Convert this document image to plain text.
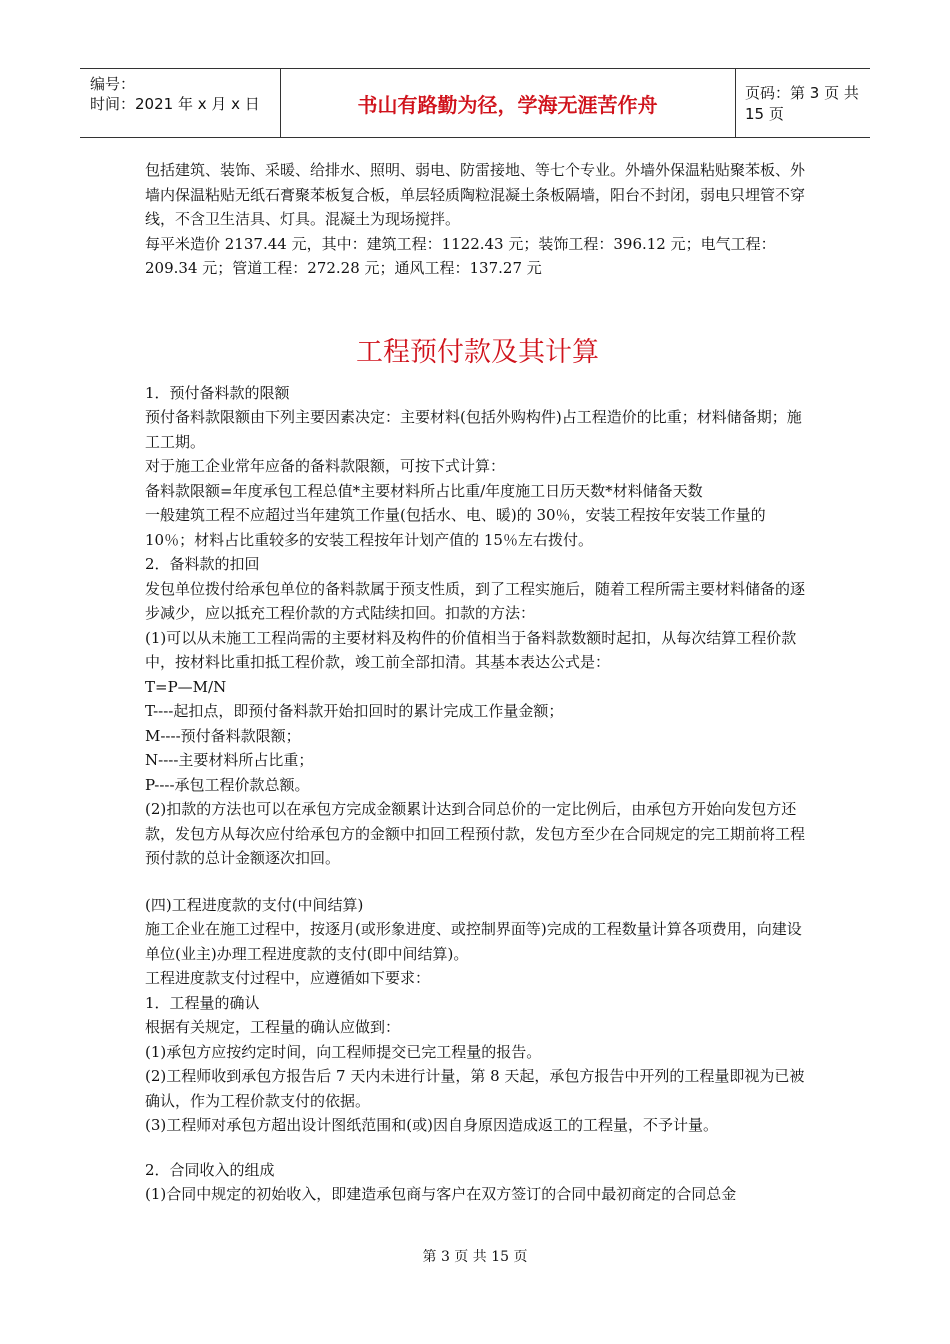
编号：
时间：2021 年 x 月 x 日	书山有路勤为径，学海无涯苦作舟	页码：第 3 页 共 15 页

包括建筑、装饰、采暖、给排水、照明、弱电、防雷接地、等七个专业。外墙外保温粘贴聚苯板、外墙内保温粘贴无纸石膏聚苯板复合板，单层轻质陶粒混凝土条板隔墙，阳台不封闭，弱电只埋管不穿线，不含卫生洁具、灯具。混凝土为现场搅拌。

每平米造价 2137.44 元，其中：建筑工程：1122.43 元；装饰工程：396.12 元；电气工程：209.34 元；管道工程：272.28 元；通风工程：137.27 元

工程预付款及其计算

1．预付备料款的限额

预付备料款限额由下列主要因素决定：主要材料(包括外购构件)占工程造价的比重；材料储备期；施工工期。

对于施工企业常年应备的备料款限额，可按下式计算：

备料款限额=年度承包工程总值*主要材料所占比重/年度施工日历天数*材料储备天数

一般建筑工程不应超过当年建筑工作量(包括水、电、暖)的 30％，安装工程按年安装工作量的 10％；材料占比重较多的安装工程按年计划产值的 15％左右拨付。

2．备料款的扣回

发包单位拨付给承包单位的备料款属于预支性质，到了工程实施后，随着工程所需主要材料储备的逐步减少，应以抵充工程价款的方式陆续扣回。扣款的方法：

(1)可以从未施工工程尚需的主要材料及构件的价值相当于备料款数额时起扣，从每次结算工程价款中，按材料比重扣抵工程价款，竣工前全部扣清。其基本表达公式是：

T=P—M/N

T----起扣点，即预付备料款开始扣回时的累计完成工作量金额；

M----预付备料款限额；

N----主要材料所占比重；

P----承包工程价款总额。

(2)扣款的方法也可以在承包方完成金额累计达到合同总价的一定比例后，由承包方开始向发包方还款，发包方从每次应付给承包方的金额中扣回工程预付款，发包方至少在合同规定的完工期前将工程预付款的总计金额逐次扣回。

(四)工程进度款的支付(中间结算)

施工企业在施工过程中，按逐月(或形象进度、或控制界面等)完成的工程数量计算各项费用，向建设单位(业主)办理工程进度款的支付(即中间结算)。

工程进度款支付过程中，应遵循如下要求：

1．工程量的确认

根据有关规定，工程量的确认应做到：

(1)承包方应按约定时间，向工程师提交已完工程量的报告。

(2)工程师收到承包方报告后 7 天内未进行计量，第 8 天起，承包方报告中开列的工程量即视为已被确认，作为工程价款支付的依据。

(3)工程师对承包方超出设计图纸范围和(或)因自身原因造成返工的工程量，不予计量。

2．合同收入的组成

(1)合同中规定的初始收入，即建造承包商与客户在双方签订的合同中最初商定的合同总金

第 3 页 共 15 页
